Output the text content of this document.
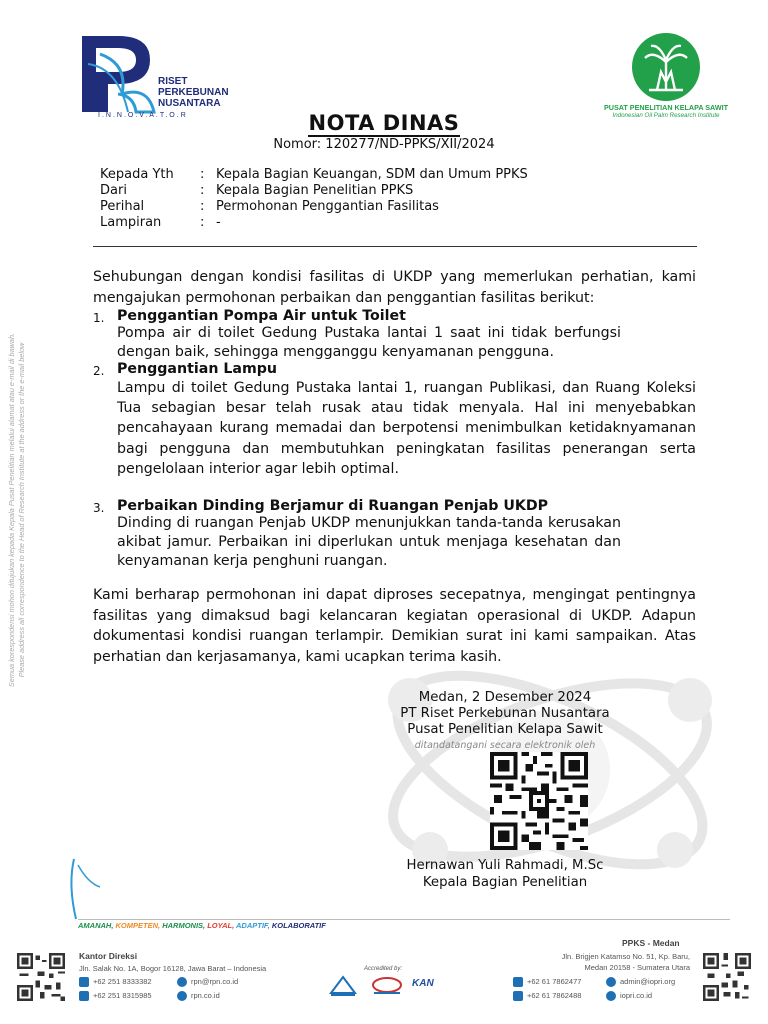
RISET
PERKEBUNAN
NUSANTARA
I.N.N.O.V.A.T.O.R
PUSAT PENELITIAN KELAPA SAWIT
Indonesian Oil Palm Research Institute
NOTA DINAS
Nomor: 120277/ND-PPKS/XII/2024
Kepada Yth : Kepala Bagian Keuangan, SDM dan Umum PPKS
Dari	: Kepala Bagian Penelitian PPKS
Perihal	: Permohonan Penggantian Fasilitas
Lampiran	: -
Sehubungan dengan kondisi fasilitas di UKDP yang memerlukan perhatian, kami mengajukan permohonan perbaikan dan penggantian fasilitas berikut:
1. Penggantian Pompa Air untuk Toilet
Pompa air di toilet Gedung Pustaka lantai 1 saat ini tidak berfungsi dengan baik, sehingga mengganggu kenyamanan pengguna.
2. Penggantian Lampu
Lampu di toilet Gedung Pustaka lantai 1, ruangan Publikasi, dan Ruang Koleksi Tua sebagian besar telah rusak atau tidak menyala. Hal ini menyebabkan pencahayaan kurang memadai dan berpotensi menimbulkan ketidaknyamanan bagi pengguna dan membutuhkan peningkatan fasilitas penerangan serta pengelolaan interior agar lebih optimal.
3. Perbaikan Dinding Berjamur di Ruangan Penjab UKDP
Dinding di ruangan Penjab UKDP menunjukkan tanda-tanda kerusakan akibat jamur. Perbaikan ini diperlukan untuk menjaga kesehatan dan kenyamanan kerja penghuni ruangan.
Kami berharap permohonan ini dapat diproses secepatnya, mengingat pentingnya fasilitas yang dimaksud bagi kelancaran kegiatan operasional di UKDP. Adapun dokumentasi kondisi ruangan terlampir. Demikian surat ini kami sampaikan. Atas perhatian dan kerjasamanya, kami ucapkan terima kasih.
Medan, 2 Desember 2024
PT Riset Perkebunan Nusantara
Pusat Penelitian Kelapa Sawit
ditandatangani secara elektronik oleh
Hernawan Yuli Rahmadi, M.Sc
Kepala Bagian Penelitian
Semua korespondensi mohon ditujukan kepada Kepala Pusat Penelitian melalui alamat atau e-mail di bawah. Please address all correspondence to the Head of Research Institute at the address or the e-mail below
AMANAH, KOMPETEN, HARMONIS, LOYAL, ADAPTIF, KOLABORATIF
Kantor Direksi
Jln. Salak No. 1A, Bogor 16128, Jawa Barat – Indonesia
+62 251 8333382
+62 251 8315985
rpn@rpn.co.id
rpn.co.id
Accredited by:
KAN
PPKS - Medan
Jln. Brigjen Katamso No. 51, Kp. Baru,
Medan 20158 - Sumatera Utara
+62 61 7862477
+62 61 7862488
admin@iopri.org
iopri.co.id
